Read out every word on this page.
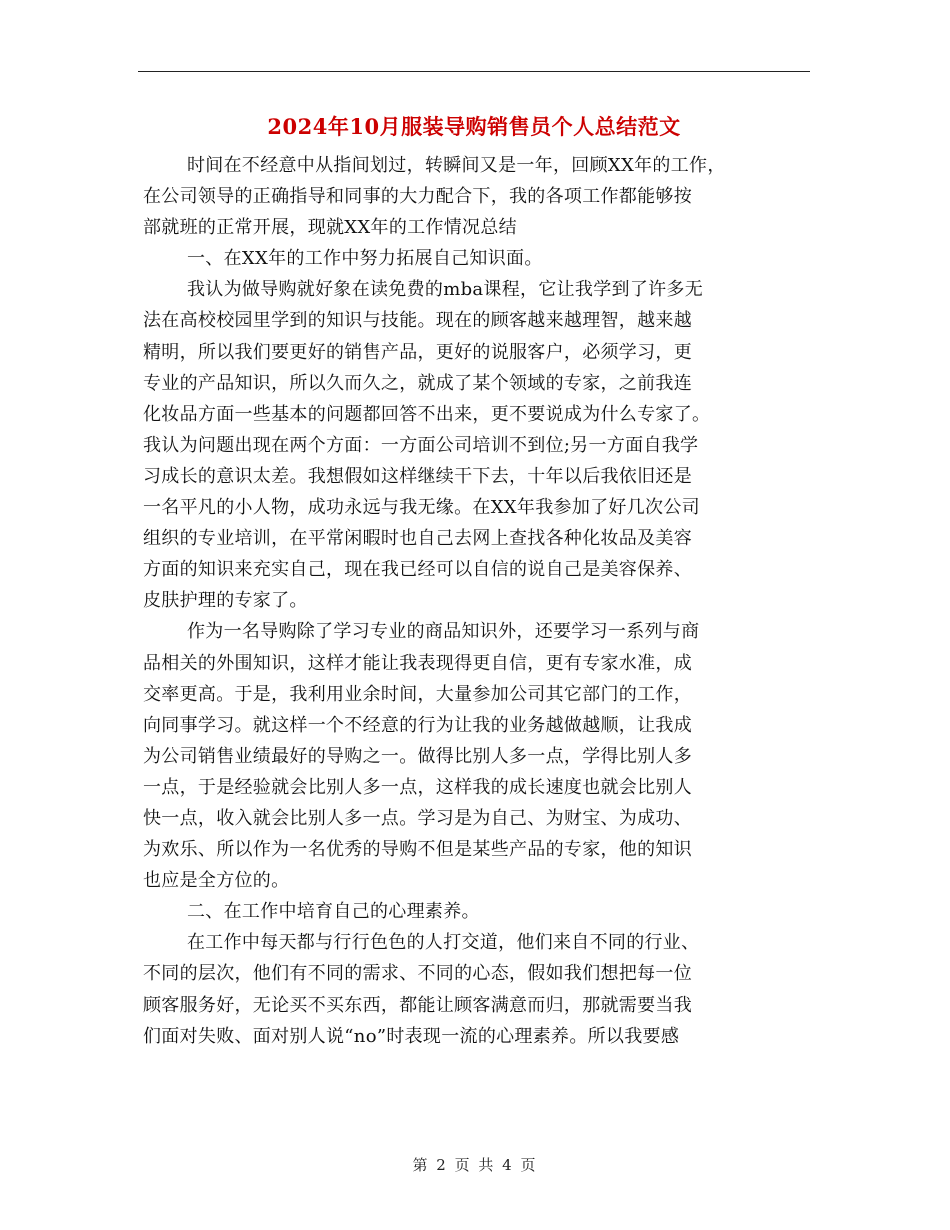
2024年10月服装导购销售员个人总结范文
时间在不经意中从指间划过，转瞬间又是一年，回顾XX年的工作，
在公司领导的正确指导和同事的大力配合下，我的各项工作都能够按
部就班的正常开展，现就XX年的工作情况总结
一、在XX年的工作中努力拓展自己知识面。
我认为做导购就好象在读免费的mba课程，它让我学到了许多无
法在高校校园里学到的知识与技能。现在的顾客越来越理智，越来越
精明，所以我们要更好的销售产品，更好的说服客户，必须学习，更
专业的产品知识，所以久而久之，就成了某个领域的专家，之前我连
化妆品方面一些基本的问题都回答不出来，更不要说成为什么专家了。
我认为问题出现在两个方面：一方面公司培训不到位;另一方面自我学
习成长的意识太差。我想假如这样继续干下去，十年以后我依旧还是
一名平凡的小人物，成功永远与我无缘。在XX年我参加了好几次公司
组织的专业培训，在平常闲暇时也自己去网上查找各种化妆品及美容
方面的知识来充实自己，现在我已经可以自信的说自己是美容保养、
皮肤护理的专家了。
作为一名导购除了学习专业的商品知识外，还要学习一系列与商
品相关的外围知识，这样才能让我表现得更自信，更有专家水准，成
交率更高。于是，我利用业余时间，大量参加公司其它部门的工作，
向同事学习。就这样一个不经意的行为让我的业务越做越顺，让我成
为公司销售业绩最好的导购之一。做得比别人多一点，学得比别人多
一点，于是经验就会比别人多一点，这样我的成长速度也就会比别人
快一点，收入就会比别人多一点。学习是为自己、为财宝、为成功、
为欢乐、所以作为一名优秀的导购不但是某些产品的专家，他的知识
也应是全方位的。
二、在工作中培育自己的心理素养。
在工作中每天都与行行色色的人打交道，他们来自不同的行业、
不同的层次，他们有不同的需求、不同的心态，假如我们想把每一位
顾客服务好，无论买不买东西，都能让顾客满意而归，那就需要当我
们面对失败、面对别人说“no”时表现一流的心理素养。所以我要感
第 2 页 共 4 页
